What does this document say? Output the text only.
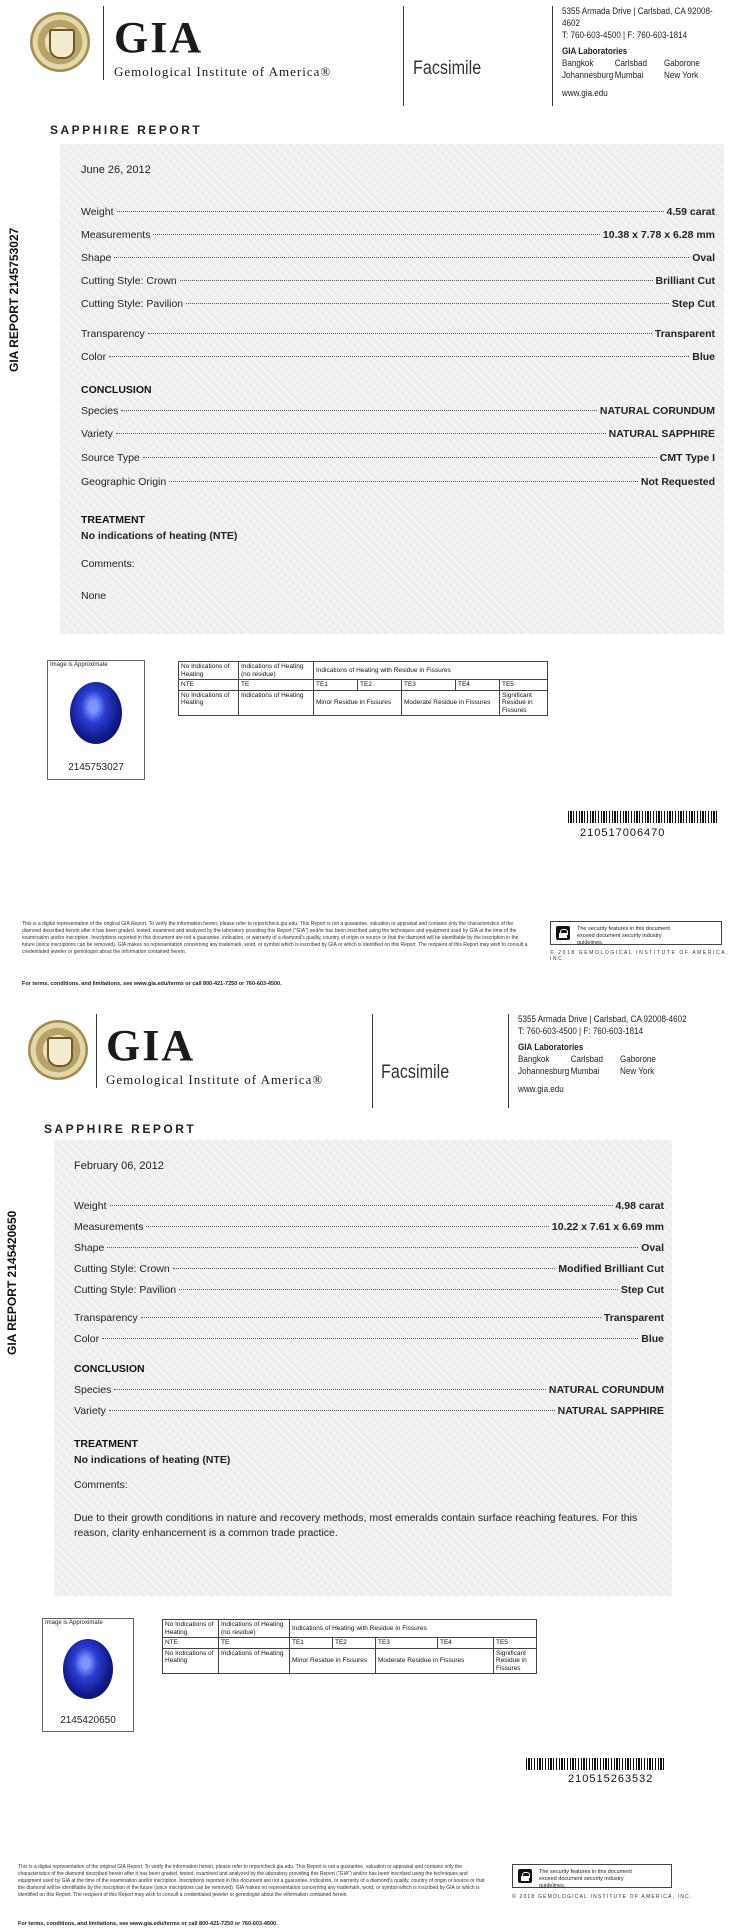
GIA
Gemological Institute of America®	Facsimile
5355 Armada Drive | Carlsbad, CA 92008-4602
T: 760-603-4500 | F: 760-603-1814
GIA Laboratories
Bangkok	Carlsbad	Gaborone
Johannesburg Mumbai	New York
www.gia.edu
SAPPHIRE REPORT
GIA REPORT 2145753027
June 26, 2012
Weight	4.59 carat
Measurements	10.38 x 7.78 x 6.28 mm
Shape	Oval
Cutting Style: Crown	Brilliant Cut
Cutting Style: Pavilion	Step Cut
Transparency	Transparent
Color	Blue
CONCLUSION
Species	NATURAL CORUNDUM
Variety	NATURAL SAPPHIRE
Source Type	CMT Type I
Geographic Origin	Not Requested
TREATMENT
No indications of heating (NTE)
Comments:
None
Image is Approximate
2145753027
No Indications of Heating	Indications of Heating (no residue)	Indications of Heating with Residue in Fissures				
NTE	TE	TE1	TE2	TE3	TE4	TE5
No Indications of Heating	Indications of Heating	Minor Residue in Fissures		Moderate Residue in Fissures		Significant Residue in Fissures
210517006470
This is a digital representation of the original GIA Report. To verify the information herein, please refer to reportcheck.gia.edu. This Report is not a guarantee, valuation or appraisal and contains only the characteristics of the diamond described herein after it has been graded, tested, examined and analyzed by the laboratory providing this Report ("GIA") and/or has been inscribed using the techniques and equipment used by GIA at the time of the examination and/or inscription. Inscriptions reported in this document are not a guarantee, indication, or warranty of a diamond's quality, country of origin or source or that the diamond will be identifiable by the inscription in the future (since inscriptions can be removed). GIA makes no representation concerning any trademark, word, or symbol which is inscribed by GIA or which is identified on this Report. The recipient of this Report may wish to consult a credentialed jeweler or gemologist about the information contained herein.
For terms, conditions, and limitations, see www.gia.edu/terms or call 800-421-7250 or 760-603-4500.
The security features in this document exceed document security industry guidelines.
© 2018 GEMOLOGICAL INSTITUTE OF AMERICA, INC.
GIA
Gemological Institute of America®	Facsimile
5355 Armada Drive | Carlsbad, CA 92008-4602
T: 760-603-4500 | F: 760-603-1814
GIA Laboratories
Bangkok	Carlsbad	Gaborone
Johannesburg Mumbai	New York
www.gia.edu
SAPPHIRE REPORT
GIA REPORT 2145420650
February 06, 2012
Weight	4.98 carat
Measurements	10.22 x 7.61 x 6.69 mm
Shape	Oval
Cutting Style: Crown	Modified Brilliant Cut
Cutting Style: Pavilion	Step Cut
Transparency	Transparent
Color	Blue
CONCLUSION
Species	NATURAL CORUNDUM
Variety	NATURAL SAPPHIRE
TREATMENT
No indications of heating (NTE)
Comments:
Due to their growth conditions in nature and recovery methods, most emeralds contain surface reaching features. For this reason, clarity enhancement is a common trade practice.
Image is Approximate
2145420650
No Indications of Heating	Indications of Heating (no residue)	Indications of Heating with Residue in Fissures				
NTE	TE	TE1	TE2	TE3	TE4	TE5
No Indications of Heating	Indications of Heating	Minor Residue in Fissures		Moderate Residue in Fissures		Significant Residue in Fissures
210515263532
This is a digital representation of the original GIA Report. To verify the information herein, please refer to reportcheck.gia.edu. This Report is not a guarantee, valuation or appraisal and contains only the characteristics of the diamond described herein after it has been graded, tested, examined and analyzed by the laboratory providing this Report ("GIA") and/or has been inscribed using the techniques and equipment used by GIA at the time of the examination and/or inscription. Inscriptions reported in this document are not a guarantee, indication, or warranty of a diamond's quality, country of origin or source or that the diamond will be identifiable by the inscription in the future (since inscriptions can be removed). GIA makes no representation concerning any trademark, word, or symbol which is inscribed by GIA or which is identified on this Report. The recipient of this Report may wish to consult a credentialed jeweler or gemologist about the information contained herein.
For terms, conditions, and limitations, see www.gia.edu/terms or call 800-421-7250 or 760-603-4500.
The security features in this document exceed document security industry guidelines.
© 2018 GEMOLOGICAL INSTITUTE OF AMERICA, INC.
